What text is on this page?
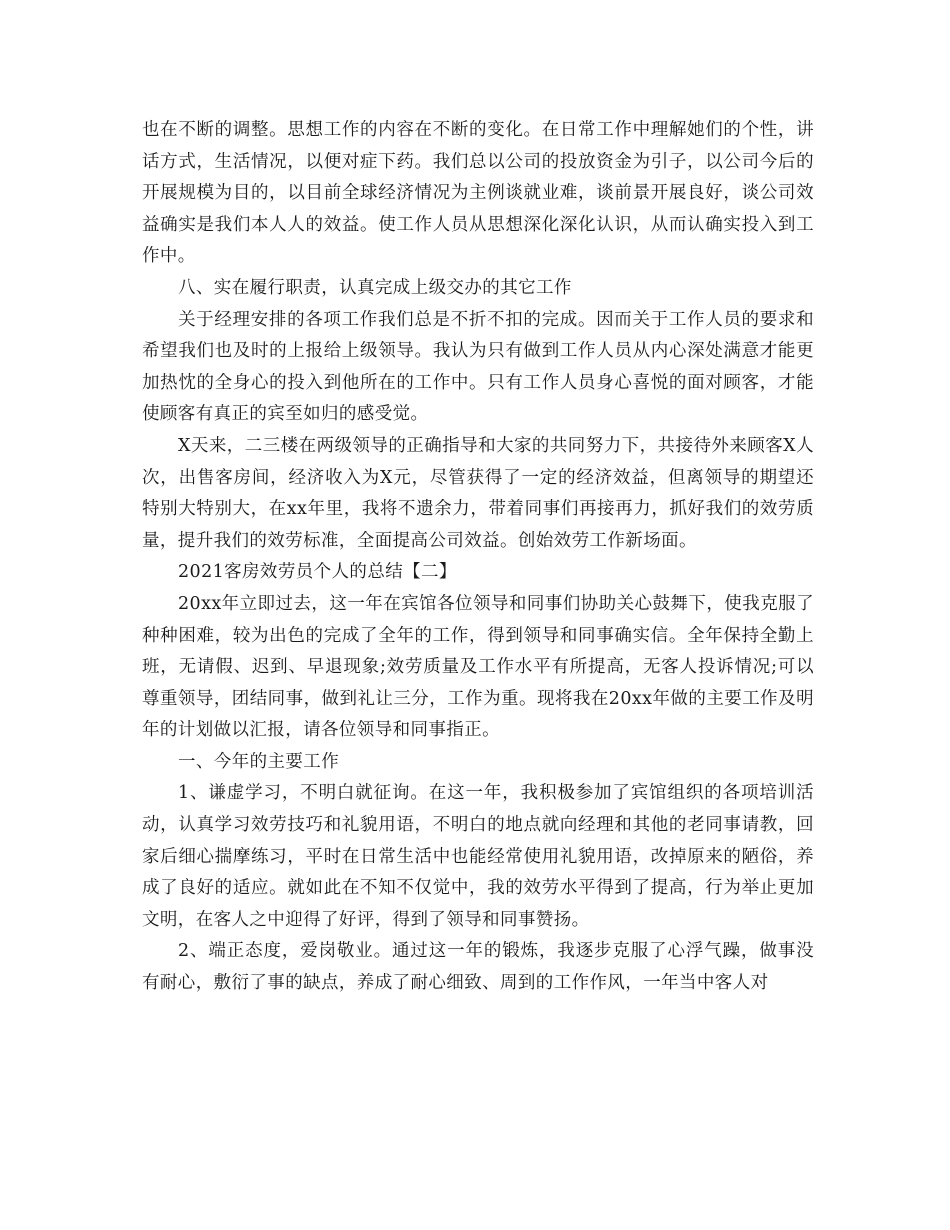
也在不断的调整。思想工作的内容在不断的变化。在日常工作中理解她们的个性，讲话方式，生活情况，以便对症下药。我们总以公司的投放资金为引子，以公司今后的开展规模为目的，以目前全球经济情况为主例谈就业难，谈前景开展良好，谈公司效益确实是我们本人人的效益。使工作人员从思想深化深化认识，从而认确实投入到工作中。

八、实在履行职责，认真完成上级交办的其它工作

关于经理安排的各项工作我们总是不折不扣的完成。因而关于工作人员的要求和希望我们也及时的上报给上级领导。我认为只有做到工作人员从内心深处满意才能更加热忱的全身心的投入到他所在的工作中。只有工作人员身心喜悦的面对顾客，才能使顾客有真正的宾至如归的感受觉。

X天来，二三楼在两级领导的正确指导和大家的共同努力下，共接待外来顾客X人次，出售客房间，经济收入为X元，尽管获得了一定的经济效益，但离领导的期望还特别大特别大，在xx年里，我将不遗余力，带着同事们再接再力，抓好我们的效劳质量，提升我们的效劳标准，全面提高公司效益。创始效劳工作新场面。

2021客房效劳员个人的总结【二】

20xx年立即过去，这一年在宾馆各位领导和同事们协助关心鼓舞下，使我克服了种种困难，较为出色的完成了全年的工作，得到领导和同事确实信。全年保持全勤上班，无请假、迟到、早退现象;效劳质量及工作水平有所提高，无客人投诉情况;可以尊重领导，团结同事，做到礼让三分，工作为重。现将我在20xx年做的主要工作及明年的计划做以汇报，请各位领导和同事指正。

一、今年的主要工作

1、谦虚学习，不明白就征询。在这一年，我积极参加了宾馆组织的各项培训活动，认真学习效劳技巧和礼貌用语，不明白的地点就向经理和其他的老同事请教，回家后细心揣摩练习，平时在日常生活中也能经常使用礼貌用语，改掉原来的陋俗，养成了良好的适应。就如此在不知不仅觉中，我的效劳水平得到了提高，行为举止更加文明，在客人之中迎得了好评，得到了领导和同事赞扬。

2、端正态度，爱岗敬业。通过这一年的锻炼，我逐步克服了心浮气躁，做事没有耐心，敷衍了事的缺点，养成了耐心细致、周到的工作作风，一年当中客人对
